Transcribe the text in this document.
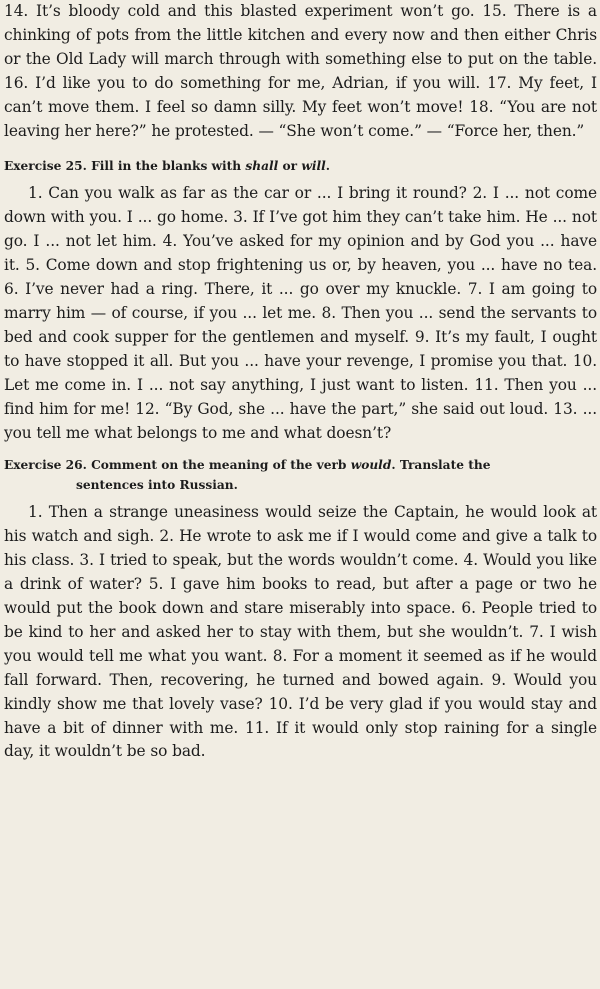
14. It’s bloody cold and this blasted experiment won’t go. 15. There is a chinking of pots from the little kitchen and every now and then either Chris or the Old Lady will march through with something else to put on the table. 16. I’d like you to do something for me, Adrian, if you will. 17. My feet, I can’t move them. I feel so damn silly. My feet won’t move! 18. “You are not leaving her here?” he protested. — “She won’t come.” — “Force her, then.”

Exercise 25. Fill in the blanks with shall or will.

1. Can you walk as far as the car or ... I bring it round? 2. I ... not come down with you. I ... go home. 3. If I’ve got him they can’t take him. He ... not go. I ... not let him. 4. You’ve asked for my opinion and by God you ... have it. 5. Come down and stop frightening us or, by heaven, you ... have no tea. 6. I’ve never had a ring. There, it ... go over my knuckle. 7. I am going to marry him — of course, if you ... let me. 8. Then you ... send the servants to bed and cook supper for the gentlemen and myself. 9. It’s my fault, I ought to have stopped it all. But you ... have your revenge, I promise you that. 10. Let me come in. I ... not say anything, I just want to listen. 11. Then you ... find him for me! 12. “By God, she ... have the part,” she said out loud. 13. ... you tell me what belongs to me and what doesn’t?

Exercise 26. Comment on the meaning of the verb would. Translate the
sentences into Russian.

1. Then a strange uneasiness would seize the Captain, he would look at his watch and sigh. 2. He wrote to ask me if I would come and give a talk to his class. 3. I tried to speak, but the words wouldn’t come. 4. Would you like a drink of water? 5. I gave him books to read, but after a page or two he would put the book down and stare miserably into space. 6. People tried to be kind to her and asked her to stay with them, but she wouldn’t. 7. I wish you would tell me what you want. 8. For a moment it seemed as if he would fall forward. Then, recovering, he turned and bowed again. 9. Would you kindly show me that lovely vase? 10. I’d be very glad if you would stay and have a bit of dinner with me. 11. If it would only stop raining for a single day, it wouldn’t be so bad.
